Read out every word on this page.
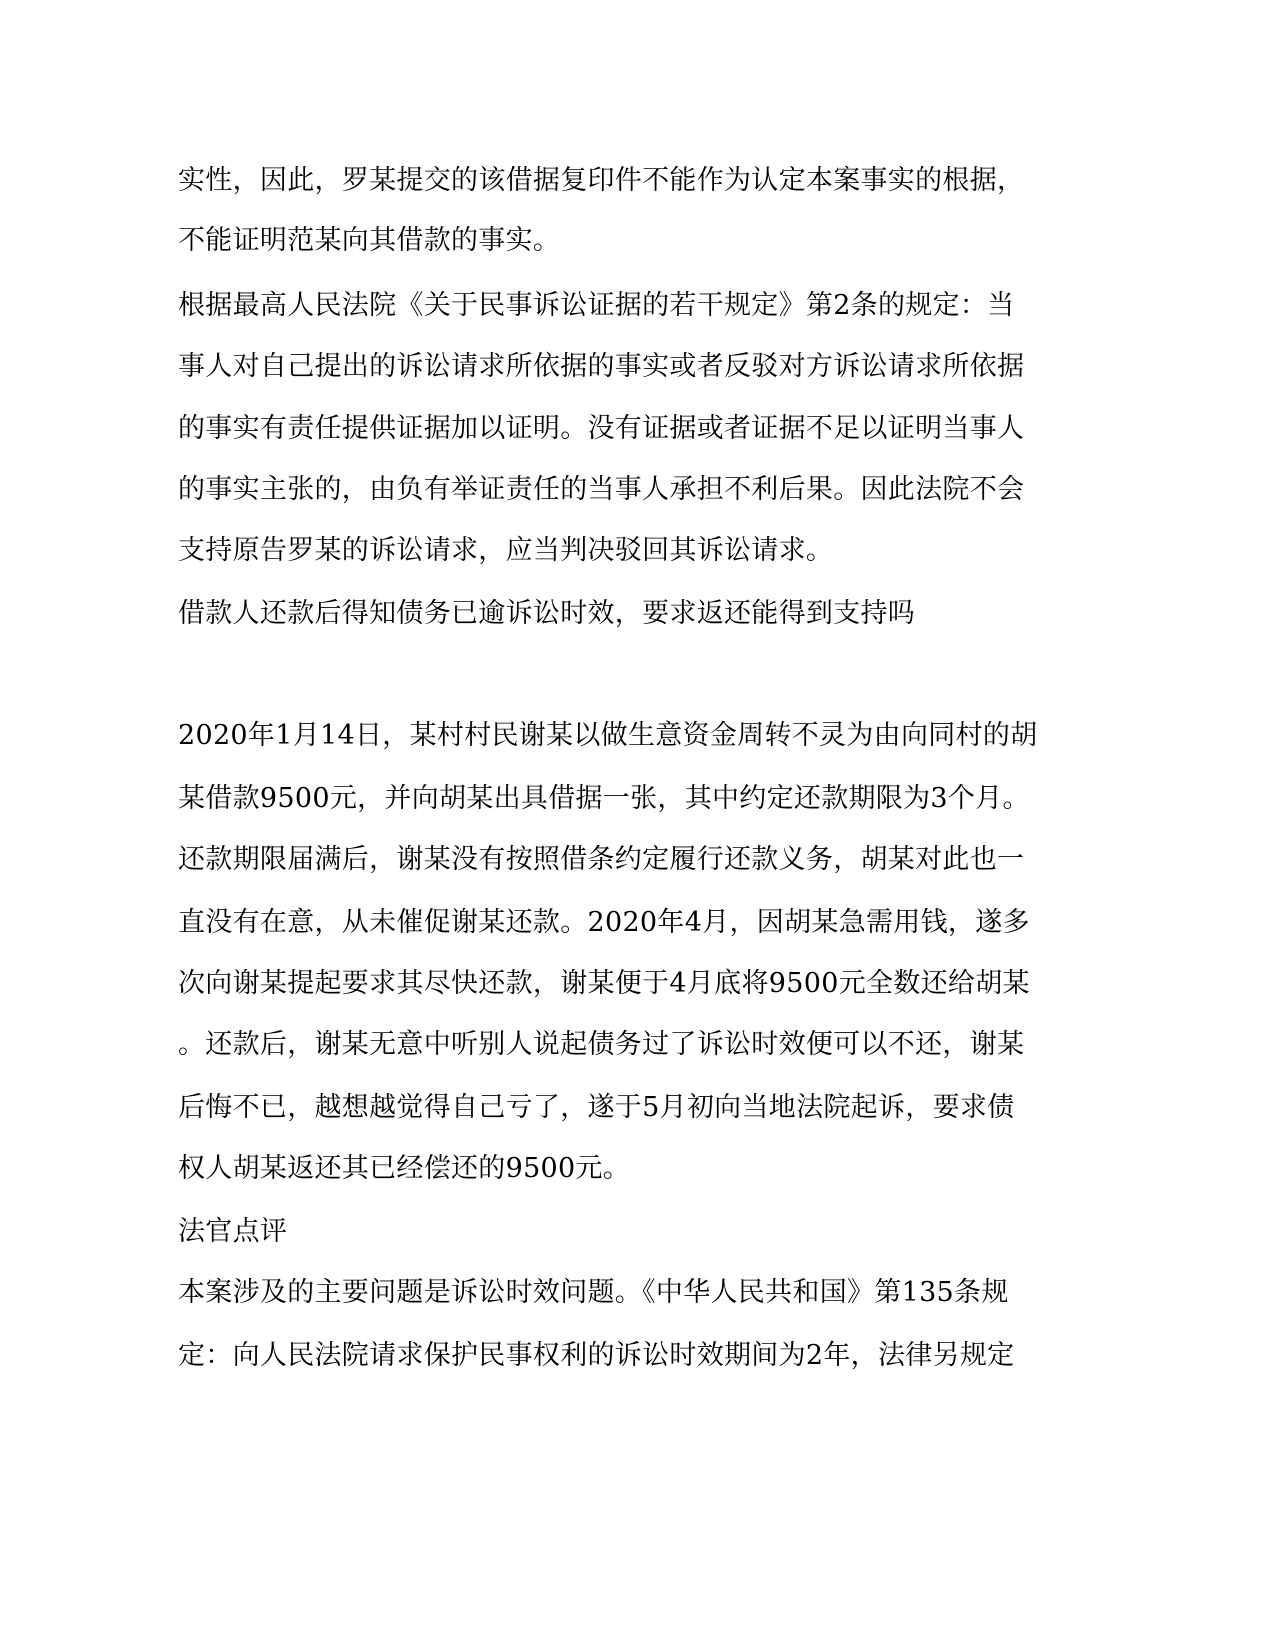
实性，因此，罗某提交的该借据复印件不能作为认定本案事实的根据，

不能证明范某向其借款的事实。

根据最高人民法院《关于民事诉讼证据的若干规定》第2条的规定：当

事人对自己提出的诉讼请求所依据的事实或者反驳对方诉讼请求所依据

的事实有责任提供证据加以证明。没有证据或者证据不足以证明当事人

的事实主张的，由负有举证责任的当事人承担不利后果。因此法院不会

支持原告罗某的诉讼请求，应当判决驳回其诉讼请求。

借款人还款后得知债务已逾诉讼时效，要求返还能得到支持吗

2020年1月14日，某村村民谢某以做生意资金周转不灵为由向同村的胡

某借款9500元，并向胡某出具借据一张，其中约定还款期限为3个月。

还款期限届满后，谢某没有按照借条约定履行还款义务，胡某对此也一

直没有在意，从未催促谢某还款。2020年4月，因胡某急需用钱，遂多

次向谢某提起要求其尽快还款，谢某便于4月底将9500元全数还给胡某

。还款后，谢某无意中听别人说起债务过了诉讼时效便可以不还，谢某

后悔不已，越想越觉得自己亏了，遂于5月初向当地法院起诉，要求债

权人胡某返还其已经偿还的9500元。

法官点评

本案涉及的主要问题是诉讼时效问题。《中华人民共和国》第135条规

定：向人民法院请求保护民事权利的诉讼时效期间为2年，法律另规定
